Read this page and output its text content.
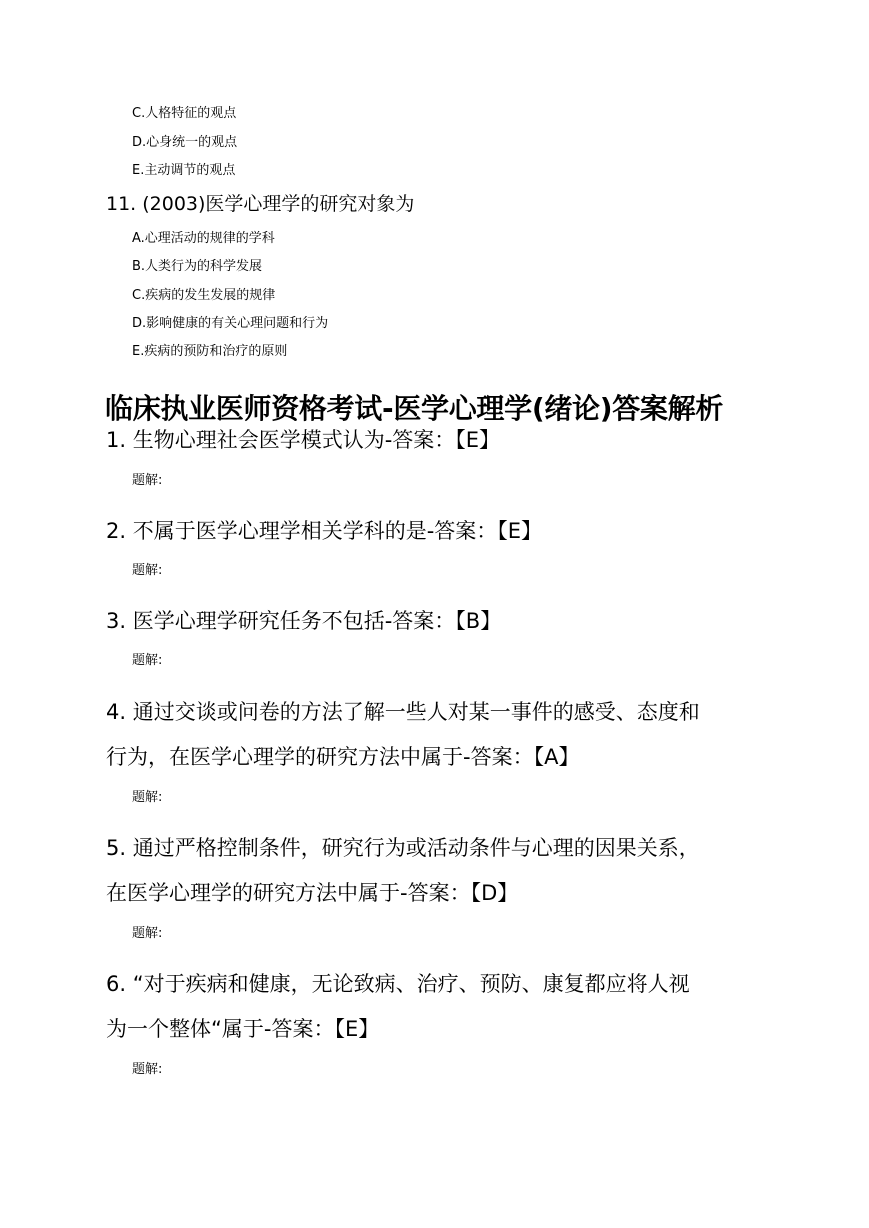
C.人格特征的观点
D.心身统一的观点
E.主动调节的观点
11. (2003)医学心理学的研究对象为
A.心理活动的规律的学科
B.人类行为的科学发展
C.疾病的发生发展的规律
D.影响健康的有关心理问题和行为
E.疾病的预防和治疗的原则
临床执业医师资格考试-医学心理学(绪论)答案解析
1. 生物心理社会医学模式认为-答案：【E】
题解:
2. 不属于医学心理学相关学科的是-答案：【E】
题解:
3. 医学心理学研究任务不包括-答案：【B】
题解:
4. 通过交谈或问卷的方法了解一些人对某一事件的感受、态度和
行为，在医学心理学的研究方法中属于-答案：【A】
题解:
5. 通过严格控制条件，研究行为或活动条件与心理的因果关系，
在医学心理学的研究方法中属于-答案：【D】
题解:
6. “对于疾病和健康，无论致病、治疗、预防、康复都应将人视
为一个整体“属于-答案：【E】
题解:
